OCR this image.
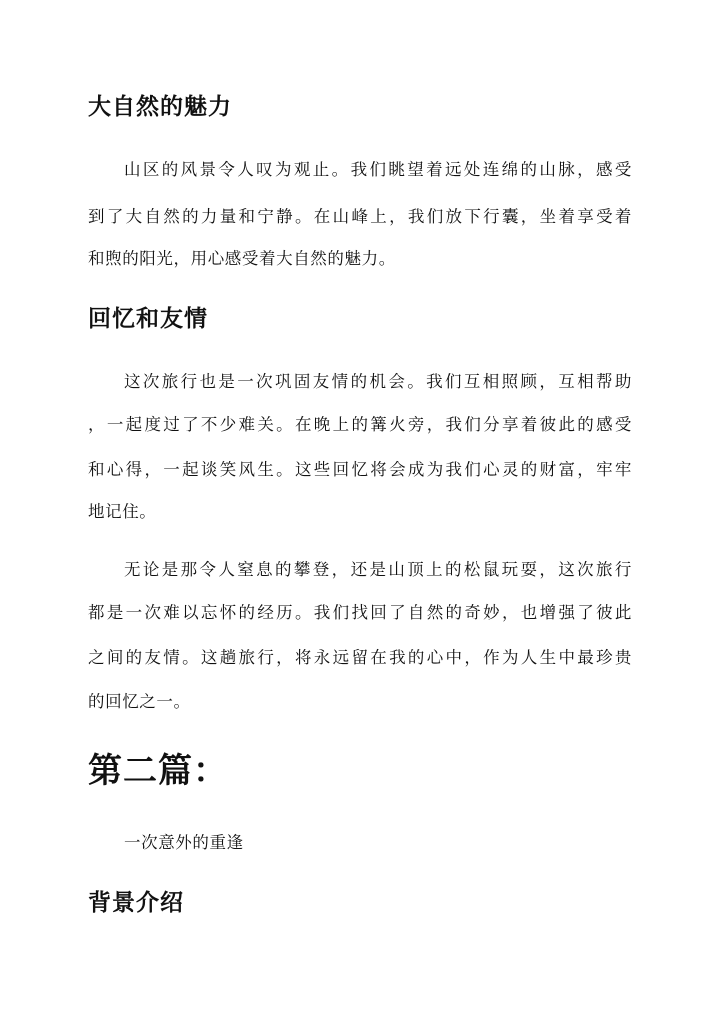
大自然的魅力

山区的风景令人叹为观止。我们眺望着远处连绵的山脉，感受

到了大自然的力量和宁静。在山峰上，我们放下行囊，坐着享受着

和煦的阳光，用心感受着大自然的魅力。

回忆和友情

这次旅行也是一次巩固友情的机会。我们互相照顾，互相帮助

，一起度过了不少难关。在晚上的篝火旁，我们分享着彼此的感受

和心得，一起谈笑风生。这些回忆将会成为我们心灵的财富，牢牢

地记住。

无论是那令人窒息的攀登，还是山顶上的松鼠玩耍，这次旅行

都是一次难以忘怀的经历。我们找回了自然的奇妙，也增强了彼此

之间的友情。这趟旅行，将永远留在我的心中，作为人生中最珍贵

的回忆之一。

第二篇：

一次意外的重逢

背景介绍
